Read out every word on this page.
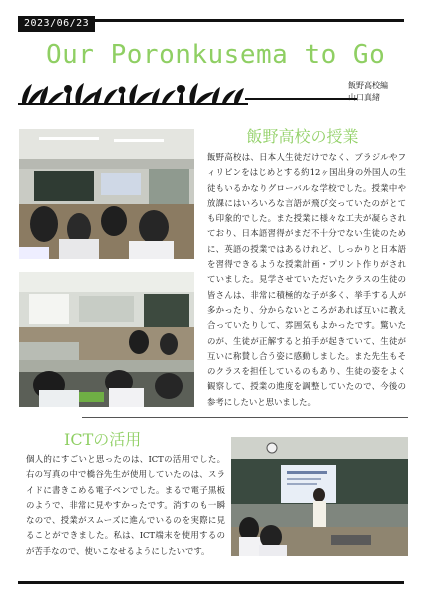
2023/06/23
Our Poronkusema to Go
飯野高校編
山口真緒
飯野高校の授業
飯野高校は、日本人生徒だけでなく、ブラジルやフィリピンをはじめとする約12ヶ国出身の外国人の生徒もいるかなりグローバルな学校でした。授業中や放課にはいろいろな言語が飛び交っていたのがとても印象的でした。また授業に様々な工夫が凝らされており、日本語習得がまだ不十分でない生徒のために、英語の授業ではあるけれど、しっかりと日本語を習得できるような授業計画・プリント作りがされていました。見学させていただいたクラスの生徒の皆さんは、非常に積極的な子が多く、挙手する人が多かったり、分からないところがあれば互いに教え合っていたりして、雰囲気もよかったです。驚いたのが、生徒が正解すると拍手が起きていて、生徒が互いに称賛し合う姿に感動しました。また先生もそのクラスを担任しているのもあり、生徒の姿をよく観察して、授業の進度を調整していたので、今後の参考にしたいと思いました。
ICTの活用
個人的にすごいと思ったのは、ICTの活用でした。右の写真の中で橋谷先生が使用していたのは、スライドに書きこめる電子ペンでした。まるで電子黒板のようで、非常に見やすかったです。消すのも一瞬なので、授業がスムーズに進んでいるのを実際に見ることができました。私は、ICT端末を使用するのが苦手なので、使いこなせるようにしたいです。
